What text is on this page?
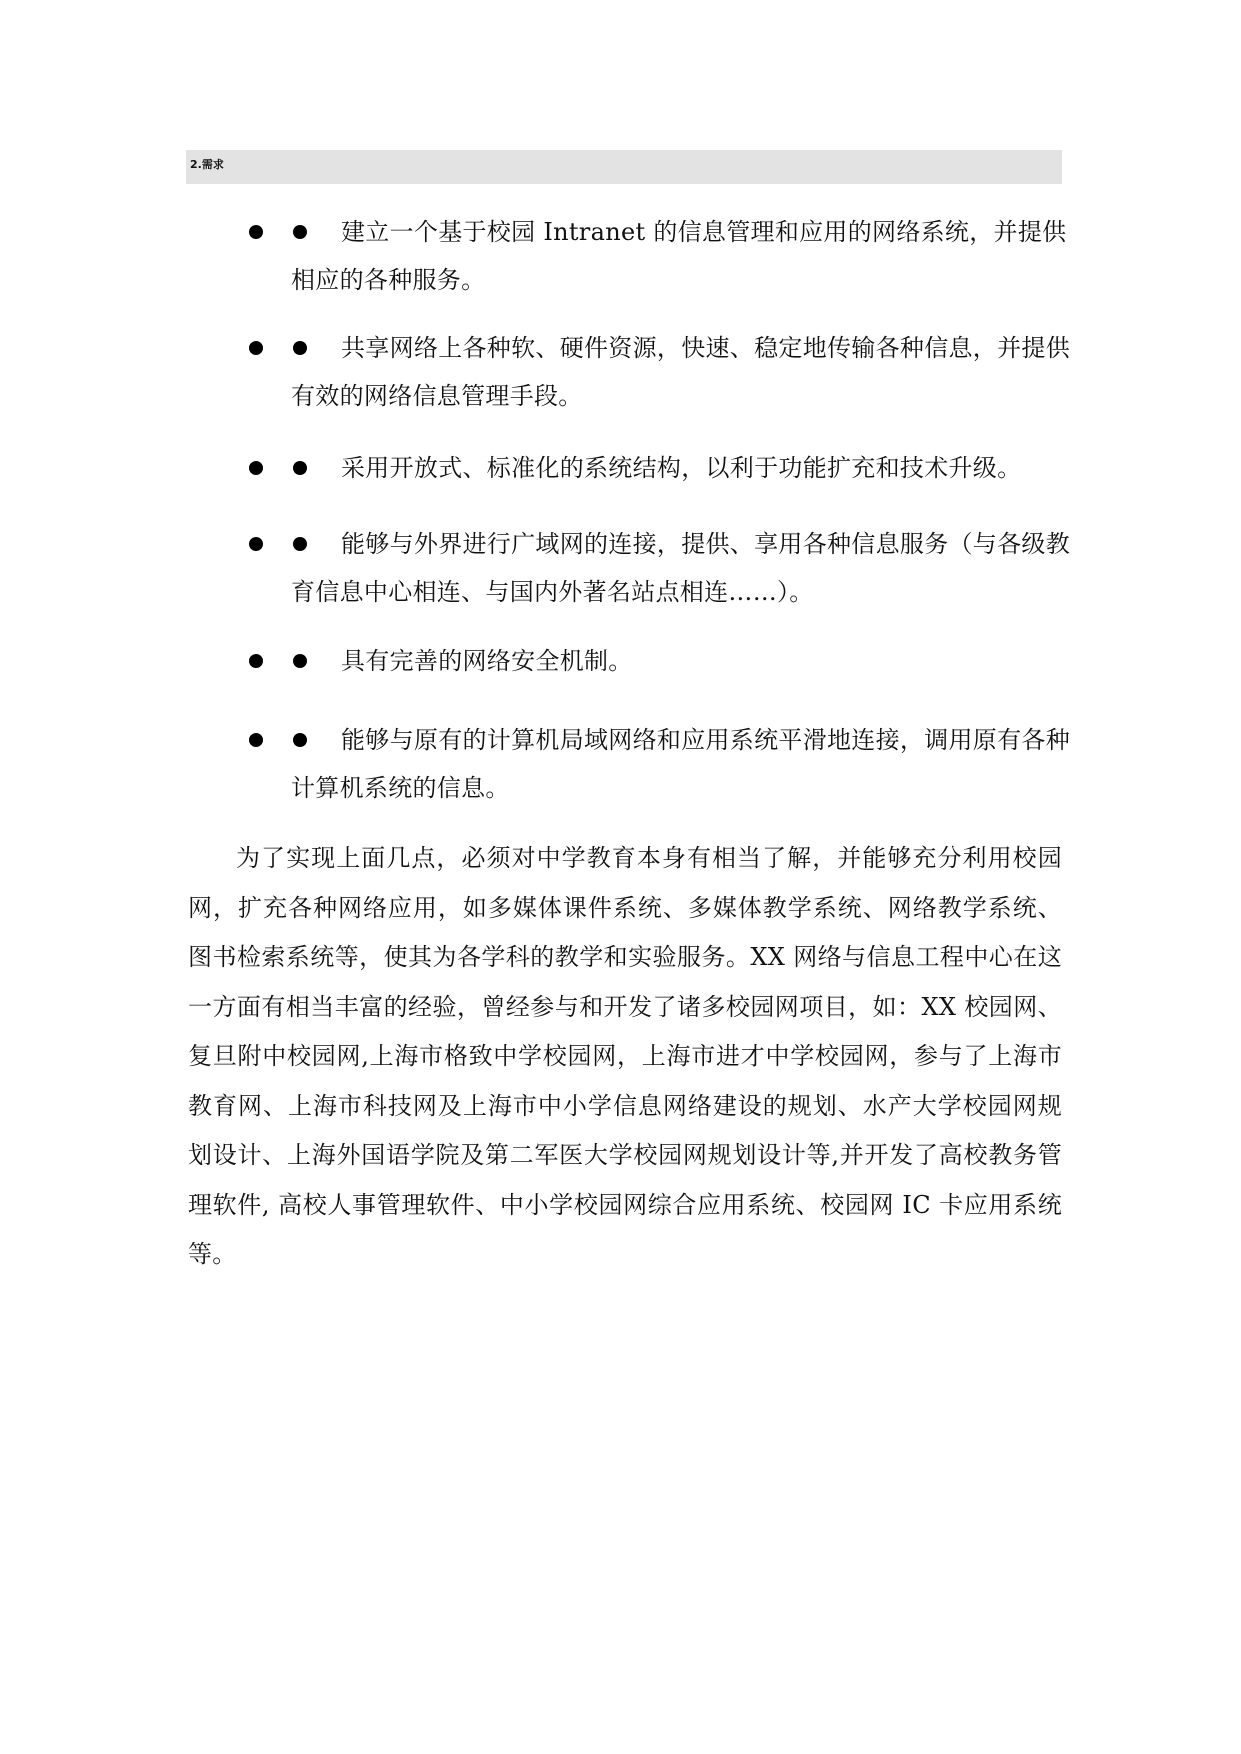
2.需求
建立一个基于校园 Intranet 的信息管理和应用的网络系统，并提供相应的各种服务。
共享网络上各种软、硬件资源，快速、稳定地传输各种信息，并提供有效的网络信息管理手段。
采用开放式、标准化的系统结构，以利于功能扩充和技术升级。
能够与外界进行广域网的连接，提供、享用各种信息服务（与各级教育信息中心相连、与国内外著名站点相连……）。
具有完善的网络安全机制。
能够与原有的计算机局域网络和应用系统平滑地连接，调用原有各种计算机系统的信息。
为了实现上面几点，必须对中学教育本身有相当了解，并能够充分利用校园网，扩充各种网络应用，如多媒体课件系统、多媒体教学系统、网络教学系统、图书检索系统等，使其为各学科的教学和实验服务。XX 网络与信息工程中心在这一方面有相当丰富的经验，曾经参与和开发了诸多校园网项目，如：XX 校园网、复旦附中校园网,上海市格致中学校园网，上海市进才中学校园网，参与了上海市教育网、上海市科技网及上海市中小学信息网络建设的规划、水产大学校园网规划设计、上海外国语学院及第二军医大学校园网规划设计等,并开发了高校教务管理软件, 高校人事管理软件、中小学校园网综合应用系统、校园网 IC 卡应用系统等。
